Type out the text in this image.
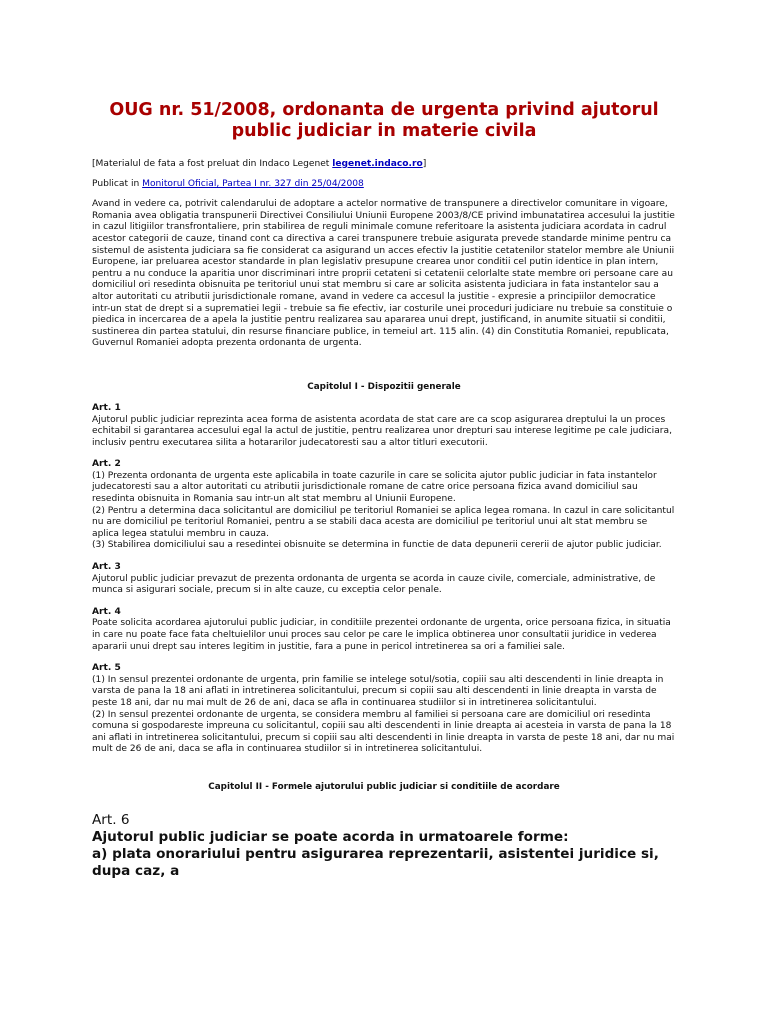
OUG nr. 51/2008, ordonanta de urgenta privind ajutorul public judiciar in materie civila

[Materialul de fata a fost preluat din Indaco Legenet legenet.indaco.ro]

Publicat in Monitorul Oficial, Partea I nr. 327 din 25/04/2008

Avand in vedere ca, potrivit calendarului de adoptare a actelor normative de transpunere a directivelor comunitare in vigoare, Romania avea obligatia transpunerii Directivei Consiliului Uniunii Europene 2003/8/CE privind imbunatatirea accesului la justitie in cazul litigiilor transfrontaliere, prin stabilirea de reguli minimale comune referitoare la asistenta judiciara acordata in cadrul acestor categorii de cauze, tinand cont ca directiva a carei transpunere trebuie asigurata prevede standarde minime pentru ca sistemul de asistenta judiciara sa fie considerat ca asigurand un acces efectiv la justitie cetatenilor statelor membre ale Uniunii Europene, iar preluarea acestor standarde in plan legislativ presupune crearea unor conditii cel putin identice in plan intern, pentru a nu conduce la aparitia unor discriminari intre proprii cetateni si cetatenii celorlalte state membre ori persoane care au domiciliul ori resedinta obisnuita pe teritoriul unui stat membru si care ar solicita asistenta judiciara in fata instantelor sau a altor autoritati cu atributii jurisdictionale romane, avand in vedere ca accesul la justitie - expresie a principiilor democratice intr-un stat de drept si a suprematiei legii - trebuie sa fie efectiv, iar costurile unei proceduri judiciare nu trebuie sa constituie o piedica in incercarea de a apela la justitie pentru realizarea sau apararea unui drept, justificand, in anumite situatii si conditii, sustinerea din partea statului, din resurse financiare publice, in temeiul art. 115 alin. (4) din Constitutia Romaniei, republicata, Guvernul Romaniei adopta prezenta ordonanta de urgenta.

Capitolul I - Dispozitii generale

Art. 1

Ajutorul public judiciar reprezinta acea forma de asistenta acordata de stat care are ca scop asigurarea dreptului la un proces echitabil si garantarea accesului egal la actul de justitie, pentru realizarea unor drepturi sau interese legitime pe cale judiciara, inclusiv pentru executarea silita a hotararilor judecatoresti sau a altor titluri executorii.

Art. 2

(1) Prezenta ordonanta de urgenta este aplicabila in toate cazurile in care se solicita ajutor public judiciar in fata instantelor judecatoresti sau a altor autoritati cu atributii jurisdictionale romane de catre orice persoana fizica avand domiciliul sau resedinta obisnuita in Romania sau intr-un alt stat membru al Uniunii Europene.

(2) Pentru a determina daca solicitantul are domiciliul pe teritoriul Romaniei se aplica legea romana. In cazul in care solicitantul nu are domiciliul pe teritoriul Romaniei, pentru a se stabili daca acesta are domiciliul pe teritoriul unui alt stat membru se aplica legea statului membru in cauza.

(3) Stabilirea domiciliului sau a resedintei obisnuite se determina in functie de data depunerii cererii de ajutor public judiciar.

Art. 3

Ajutorul public judiciar prevazut de prezenta ordonanta de urgenta se acorda in cauze civile, comerciale, administrative, de munca si asigurari sociale, precum si in alte cauze, cu exceptia celor penale.

Art. 4

Poate solicita acordarea ajutorului public judiciar, in conditiile prezentei ordonante de urgenta, orice persoana fizica, in situatia in care nu poate face fata cheltuielilor unui proces sau celor pe care le implica obtinerea unor consultatii juridice in vederea apararii unui drept sau interes legitim in justitie, fara a pune in pericol intretinerea sa ori a familiei sale.

Art. 5

(1) In sensul prezentei ordonante de urgenta, prin familie se intelege sotul/sotia, copiii sau alti descendenti in linie dreapta in varsta de pana la 18 ani aflati in intretinerea solicitantului, precum si copiii sau alti descendenti in linie dreapta in varsta de peste 18 ani, dar nu mai mult de 26 de ani, daca se afla in continuarea studiilor si in intretinerea solicitantului.

(2) In sensul prezentei ordonante de urgenta, se considera membru al familiei si persoana care are domiciliul ori resedinta comuna si gospodareste impreuna cu solicitantul, copiii sau alti descendenti in linie dreapta ai acesteia in varsta de pana la 18 ani aflati in intretinerea solicitantului, precum si copiii sau alti descendenti in linie dreapta in varsta de peste 18 ani, dar nu mai mult de 26 de ani, daca se afla in continuarea studiilor si in intretinerea solicitantului.

Capitolul II - Formele ajutorului public judiciar si conditiile de acordare
Art. 6
Ajutorul public judiciar se poate acorda in urmatoarele forme:
a) plata onorariului pentru asigurarea reprezentarii, asistentei juridice si, dupa caz, a
